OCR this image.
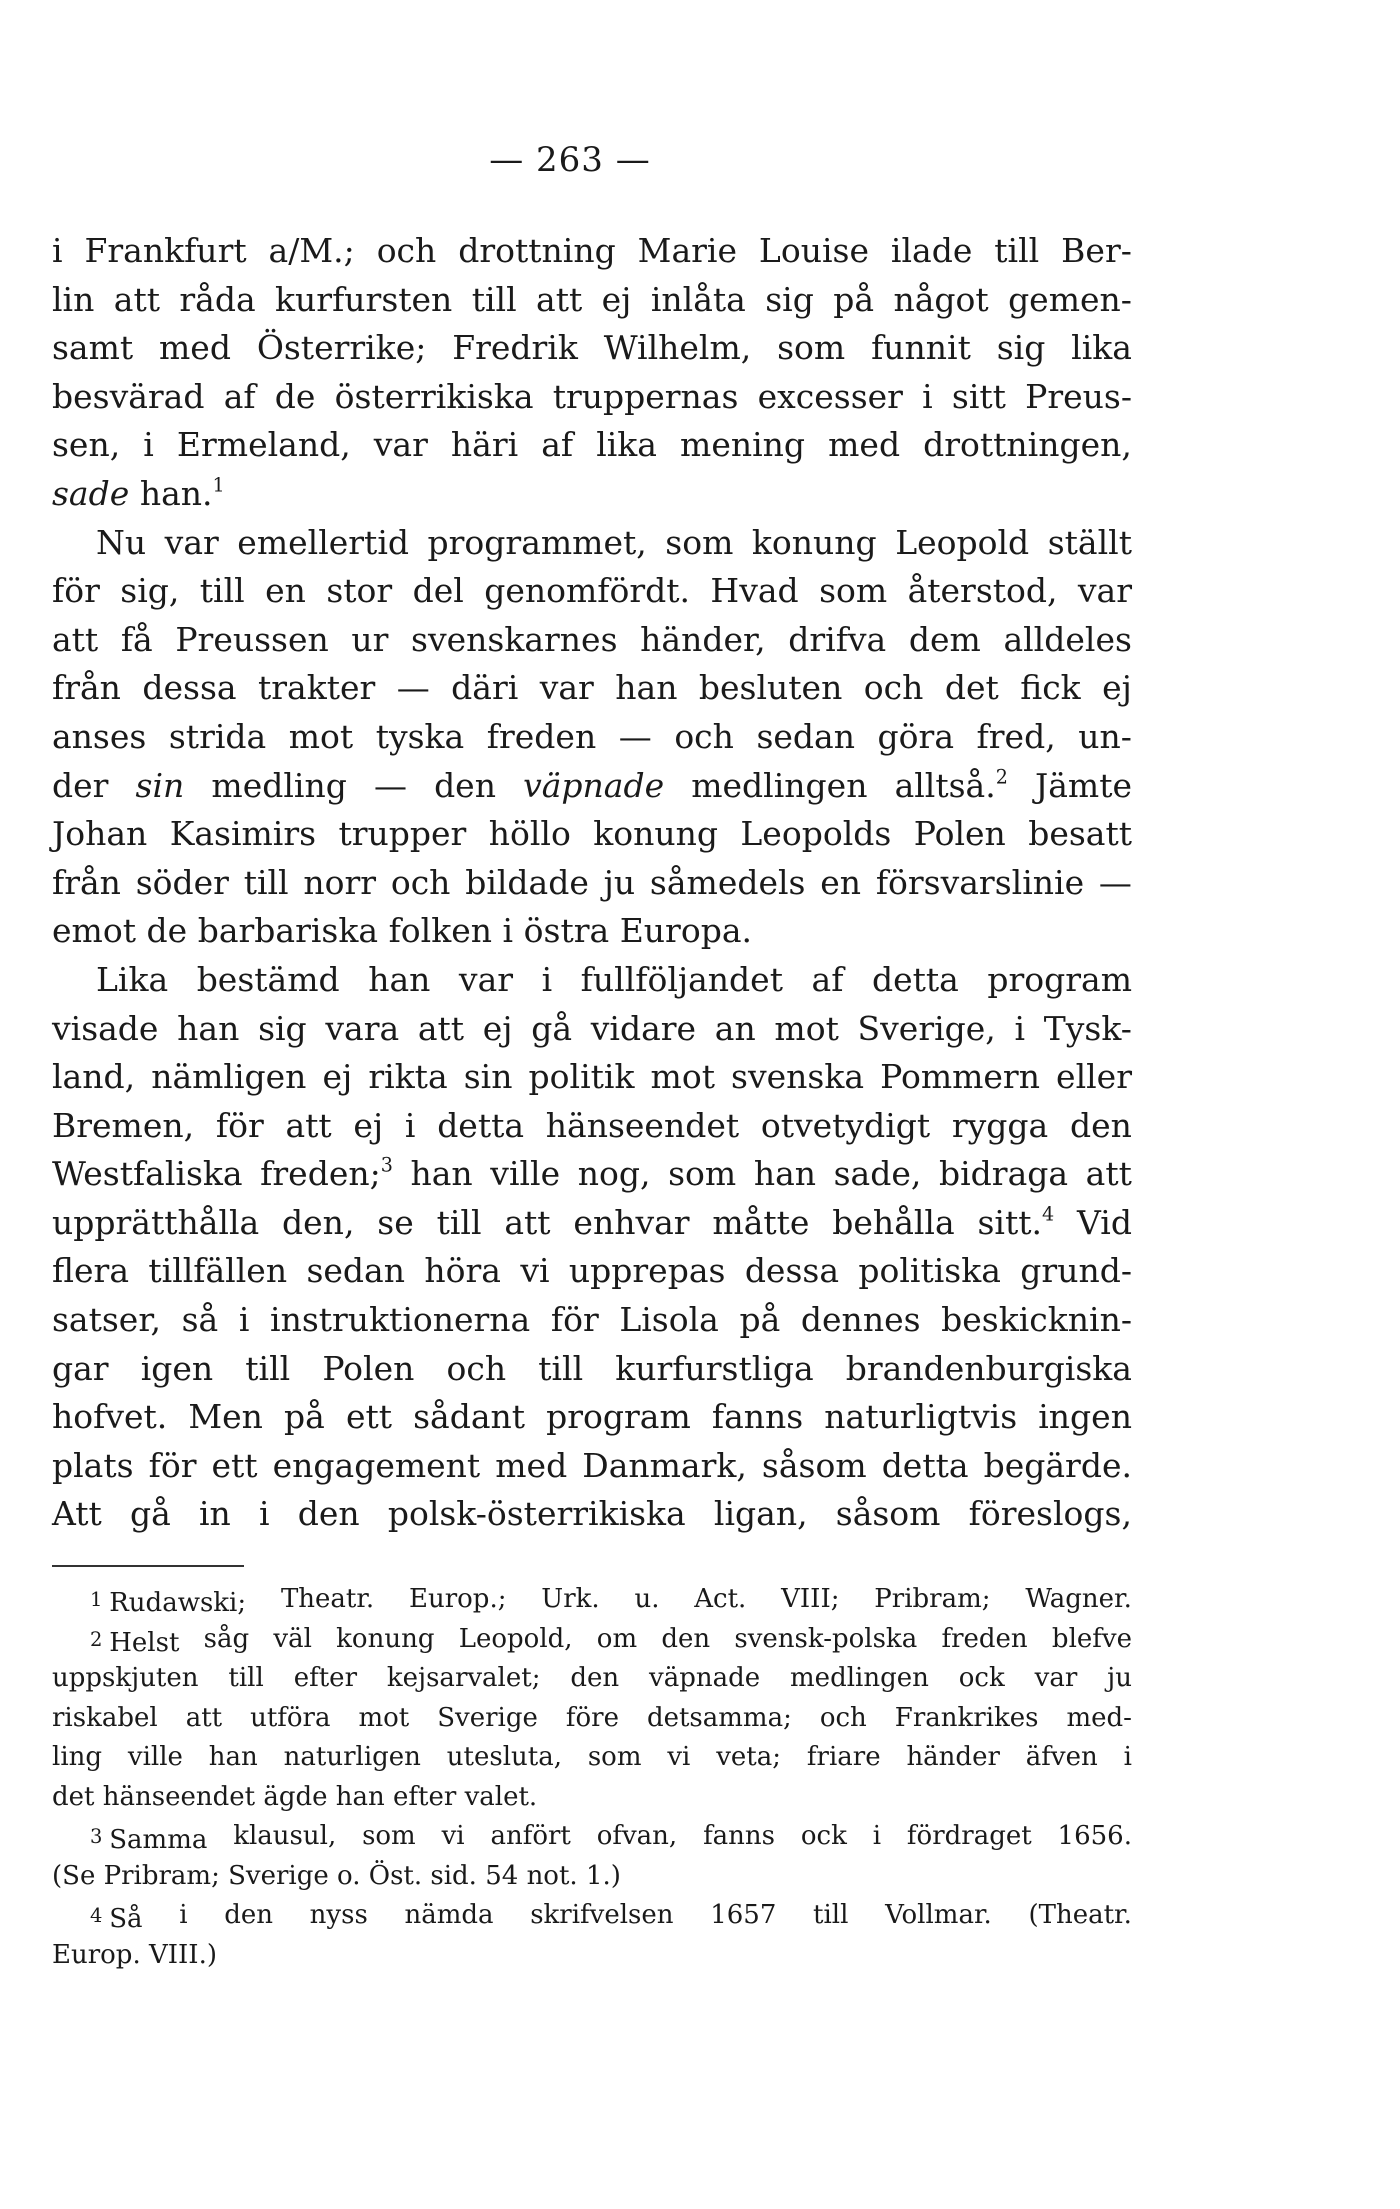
— 263 —
i Frankfurt a/M.; och drottning Marie Louise ilade till Ber-
lin att råda kurfursten till att ej inlåta sig på något gemen-
samt med Österrike; Fredrik Wilhelm, som funnit sig lika
besvärad af de österrikiska truppernas excesser i sitt Preus-
sen, i Ermeland, var häri af lika mening med drottningen,
sade han.$^1$
Nu var emellertid programmet, som konung Leopold ställt
för sig, till en stor del genomfördt. Hvad som återstod, var
att få Preussen ur svenskarnes händer, drifva dem alldeles
från dessa trakter — däri var han besluten och det fick ej
anses strida mot tyska freden — och sedan göra fred, un-
der sin medling — den väpnade medlingen alltså.$^2$ Jämte
Johan Kasimirs trupper höllo konung Leopolds Polen besatt
från söder till norr och bildade ju såmedels en försvarslinie —
emot de barbariska folken i östra Europa.
Lika bestämd han var i fullföljandet af detta program
visade han sig vara att ej gå vidare an mot Sverige, i Tysk-
land, nämligen ej rikta sin politik mot svenska Pommern eller
Bremen, för att ej i detta hänseendet otvetydigt rygga den
Westfaliska freden;$^3$ han ville nog, som han sade, bidraga att
upprätthålla den, se till att enhvar måtte behålla sitt.$^4$ Vid
flera tillfällen sedan höra vi upprepas dessa politiska grund-
satser, så i instruktionerna för Lisola på dennes beskicknin-
gar igen till Polen och till kurfurstliga brandenburgiska
hofvet. Men på ett sådant program fanns naturligtvis ingen
plats för ett engagement med Danmark, såsom detta begärde.
Att gå in i den polsk-österrikiska ligan, såsom föreslogs,
1 Rudawski; Theatr. Europ.; Urk. u. Act. VIII; Pribram; Wagner.
2 Helst såg väl konung Leopold, om den svensk-polska freden blefve
uppskjuten till efter kejsarvalet; den väpnade medlingen ock var ju
riskabel att utföra mot Sverige före detsamma; och Frankrikes med-
ling ville han naturligen utesluta, som vi veta; friare händer äfven i
det hänseendet ägde han efter valet.
3 Samma klausul, som vi anfört ofvan, fanns ock i fördraget 1656.
(Se Pribram; Sverige o. Öst. sid. 54 not. 1.)
4 Så i den nyss nämda skrifvelsen 1657 till Vollmar. (Theatr.
Europ. VIII.)
